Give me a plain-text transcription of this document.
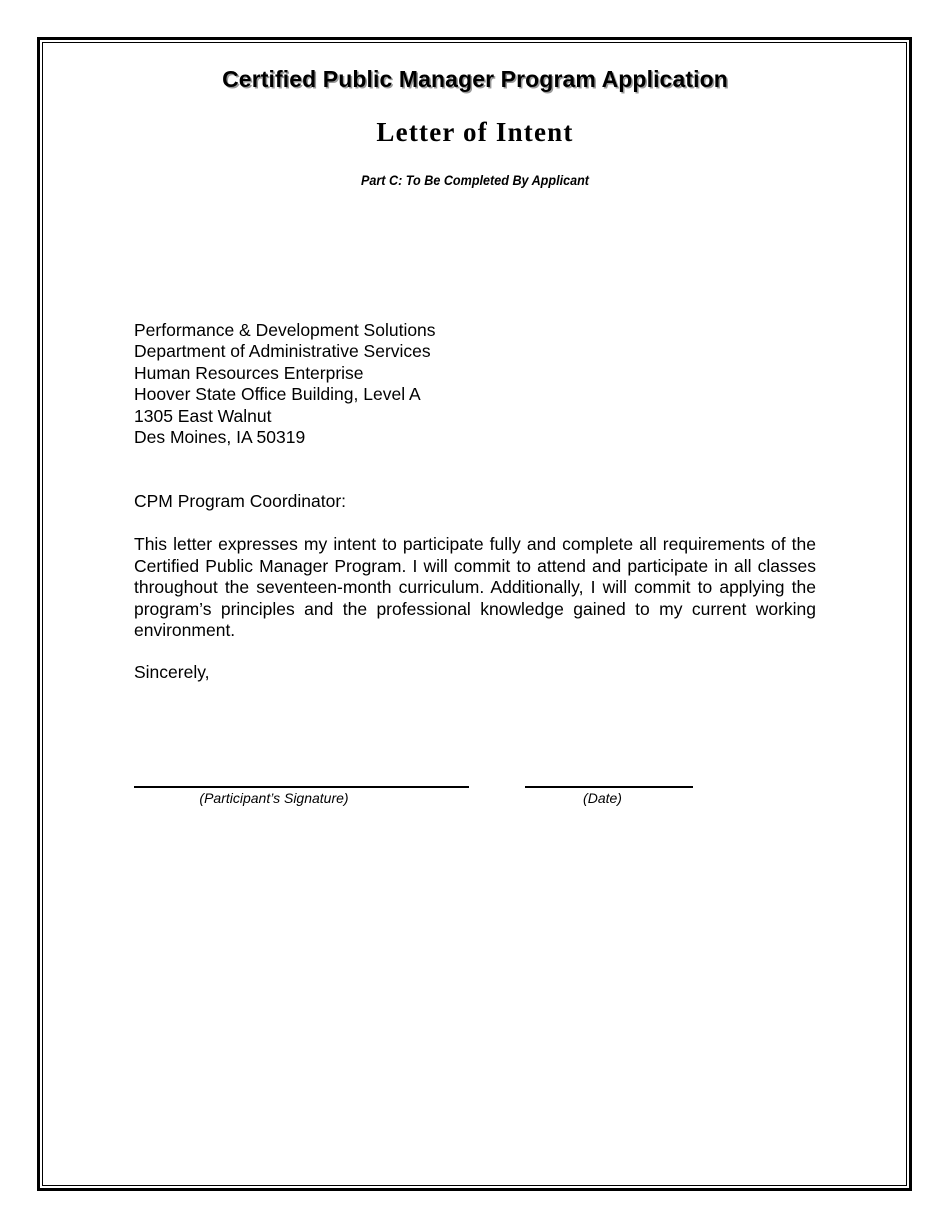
Certified Public Manager Program Application
Letter of Intent
Part C: To Be Completed By Applicant
Performance & Development Solutions
Department of Administrative Services
Human Resources Enterprise
Hoover State Office Building, Level A
1305 East Walnut
Des Moines, IA 50319
CPM Program Coordinator:
This letter expresses my intent to participate fully and complete all requirements of the Certified Public Manager Program. I will commit to attend and participate in all classes throughout the seventeen-month curriculum. Additionally, I will commit to applying the program’s principles and the professional knowledge gained to my current working environment.
Sincerely,
(Participant’s Signature)	(Date)
